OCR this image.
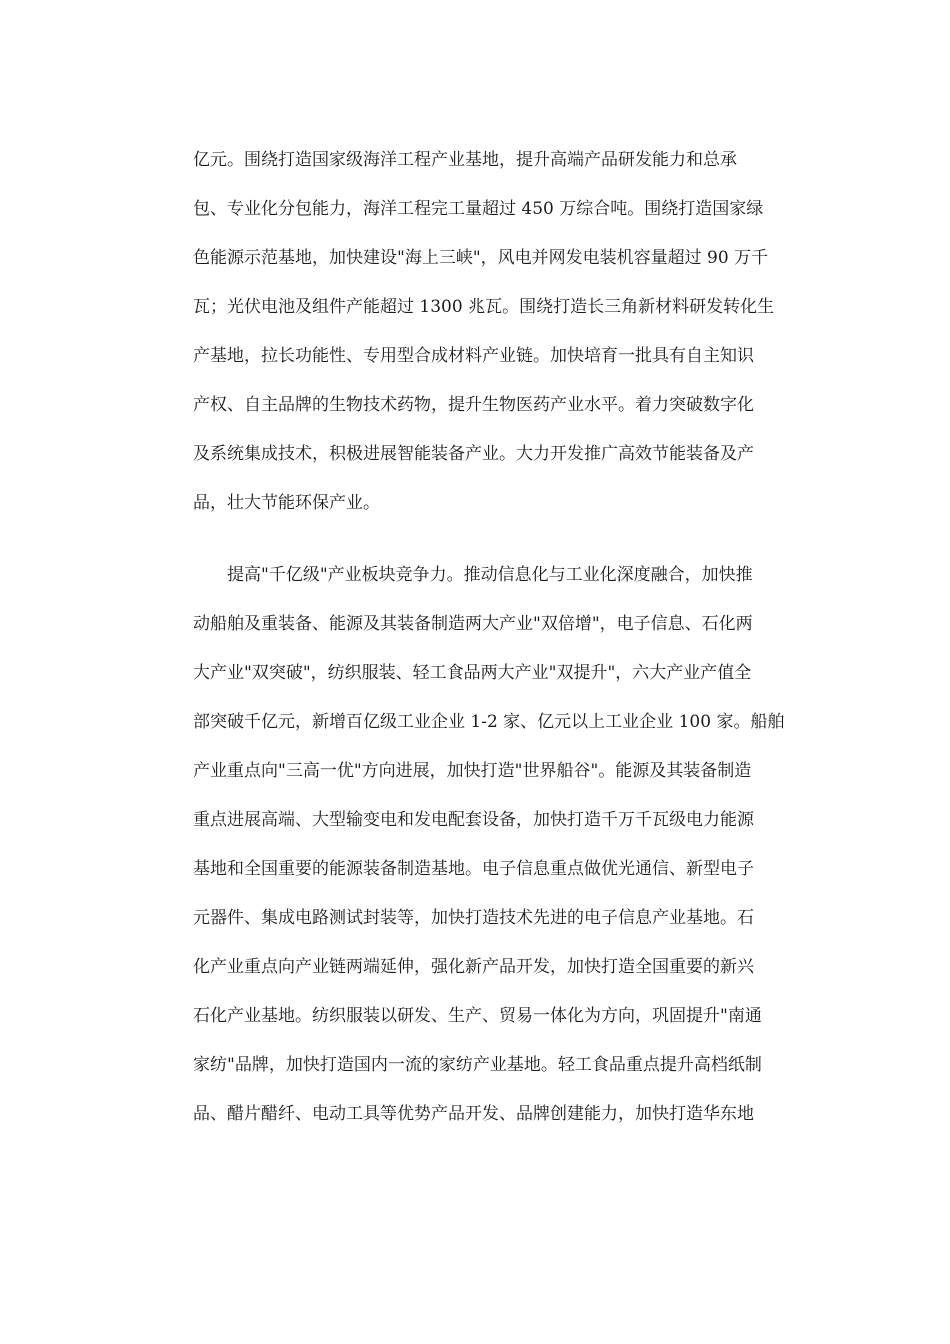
亿元。围绕打造国家级海洋工程产业基地，提升高端产品研发能力和总承
包、专业化分包能力，海洋工程完工量超过 450 万综合吨。围绕打造国家绿
色能源示范基地，加快建设"海上三峡"，风电并网发电装机容量超过 90 万千
瓦；光伏电池及组件产能超过 1300 兆瓦。围绕打造长三角新材料研发转化生
产基地，拉长功能性、专用型合成材料产业链。加快培育一批具有自主知识
产权、自主品牌的生物技术药物，提升生物医药产业水平。着力突破数字化
及系统集成技术，积极进展智能装备产业。大力开发推广高效节能装备及产
品，壮大节能环保产业。
　　提高"千亿级"产业板块竞争力。推动信息化与工业化深度融合，加快推
动船舶及重装备、能源及其装备制造两大产业"双倍增"，电子信息、石化两
大产业"双突破"，纺织服装、轻工食品两大产业"双提升"，六大产业产值全
部突破千亿元，新增百亿级工业企业 1-2 家、亿元以上工业企业 100 家。船舶
产业重点向"三高一优"方向进展，加快打造"世界船谷"。能源及其装备制造
重点进展高端、大型输变电和发电配套设备，加快打造千万千瓦级电力能源
基地和全国重要的能源装备制造基地。电子信息重点做优光通信、新型电子
元器件、集成电路测试封装等，加快打造技术先进的电子信息产业基地。石
化产业重点向产业链两端延伸，强化新产品开发，加快打造全国重要的新兴
石化产业基地。纺织服装以研发、生产、贸易一体化为方向，巩固提升"南通
家纺"品牌，加快打造国内一流的家纺产业基地。轻工食品重点提升高档纸制
品、醋片醋纤、电动工具等优势产品开发、品牌创建能力，加快打造华东地
